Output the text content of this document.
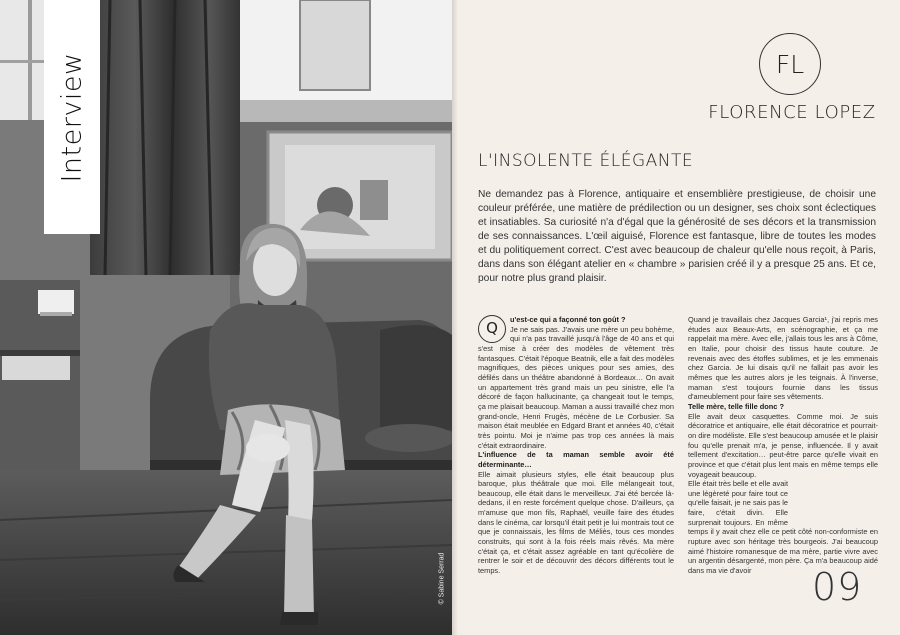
Interview
© Sabine Serrad
FL
FLORENCE LOPEZ
L'INSOLENTE ÉLÉGANTE

Ne demandez pas à Florence, antiquaire et ensemblière prestigieuse, de choisir une couleur préférée, une matière de prédilection ou un designer, ses choix sont éclectiques et insatiables. Sa curiosité n'a d'égal que la générosité de ses décors et la transmission de ses connaissances. L'œil aiguisé, Florence est fantasque, libre de toutes les modes et du politiquement correct. C'est avec beaucoup de chaleur qu'elle nous reçoit, à Paris, dans dans son élégant atelier en « chambre » parisien créé il y a presque 25 ans. Et ce, pour notre plus grand plaisir.

Q	u'est-ce qui a façonné ton goût ?

Je ne sais pas. J'avais une mère un peu bohème, qui n'a pas travaillé jusqu'à l'âge de 40 ans et qui s'est mise à créer des modèles de vêtement très fantasques. C'était l'époque Beatnik, elle a fait des modèles magnifiques, des pièces uniques pour ses amies, des défilés dans un théâtre abandonné à Bordeaux… On avait un appartement très grand mais un peu sinistre, elle l'a décoré de façon hallucinante, ça changeait tout le temps, ça me plaisait beaucoup. Maman a aussi travaillé chez mon grand-oncle, Henri Frugès, mécène de Le Corbusier. Sa maison était meublée en Edgard Brant et années 40, c'était très pointu. Moi je n'aime pas trop ces années là mais c'était extraordinaire.

L'influence de ta maman semble avoir été déterminante…

Elle aimait plusieurs styles, elle était beaucoup plus baroque, plus théâtrale que moi. Elle mélangeait tout, beaucoup, elle était dans le merveilleux. J'ai été bercée là-dedans, il en reste forcément quelque chose. D'ailleurs, ça m'amuse que mon fils, Raphaël, veuille faire des études dans le cinéma, car lorsqu'il était petit je lui montrais tout ce que je connaissais, les films de Méliès, tous ces mondes construits, qui sont à la fois réels mais rêvés. Ma mère c'était ça, et c'était assez agréable en tant qu'écolière de rentrer le soir et de découvrir des décors différents tout le temps.

Quand je travaillais chez Jacques Garcia¹, j'ai repris mes études aux Beaux-Arts, en scénographie, et ça me rappelait ma mère. Avec elle, j'allais tous les ans à Côme, en Italie, pour choisir des tissus haute couture. Je revenais avec des étoffes sublimes, et je les emmenais chez Garcia. Je lui disais qu'il ne fallait pas avoir les mêmes que les autres alors je les teignais. À l'inverse, maman s'est toujours fournie dans les tissus d'ameublement pour faire ses vêtements.

Telle mère, telle fille donc ?

Elle avait deux casquettes. Comme moi. Je suis décoratrice et antiquaire, elle était décoratrice et pourrait-on dire modéliste. Elle s'est beaucoup amusée et le plaisir fou qu'elle prenait m'a, je pense, influencée. Il y avait tellement d'excitation… peut-être parce qu'elle vivait en province et que c'était plus lent mais en même temps elle voyageait beaucoup.

Elle était très belle et elle avait une légèreté pour faire tout ce qu'elle faisait, je ne sais pas le faire, c'était divin. Elle surprenait toujours. En même temps il y avait chez elle ce petit côté non-conformiste en rupture avec son héritage très bourgeois. J'ai beaucoup aimé l'histoire romanesque de ma mère, partie vivre avec un argentin désargenté, mon père. Ça m'a beaucoup aidé dans ma vie d'avoir	09
